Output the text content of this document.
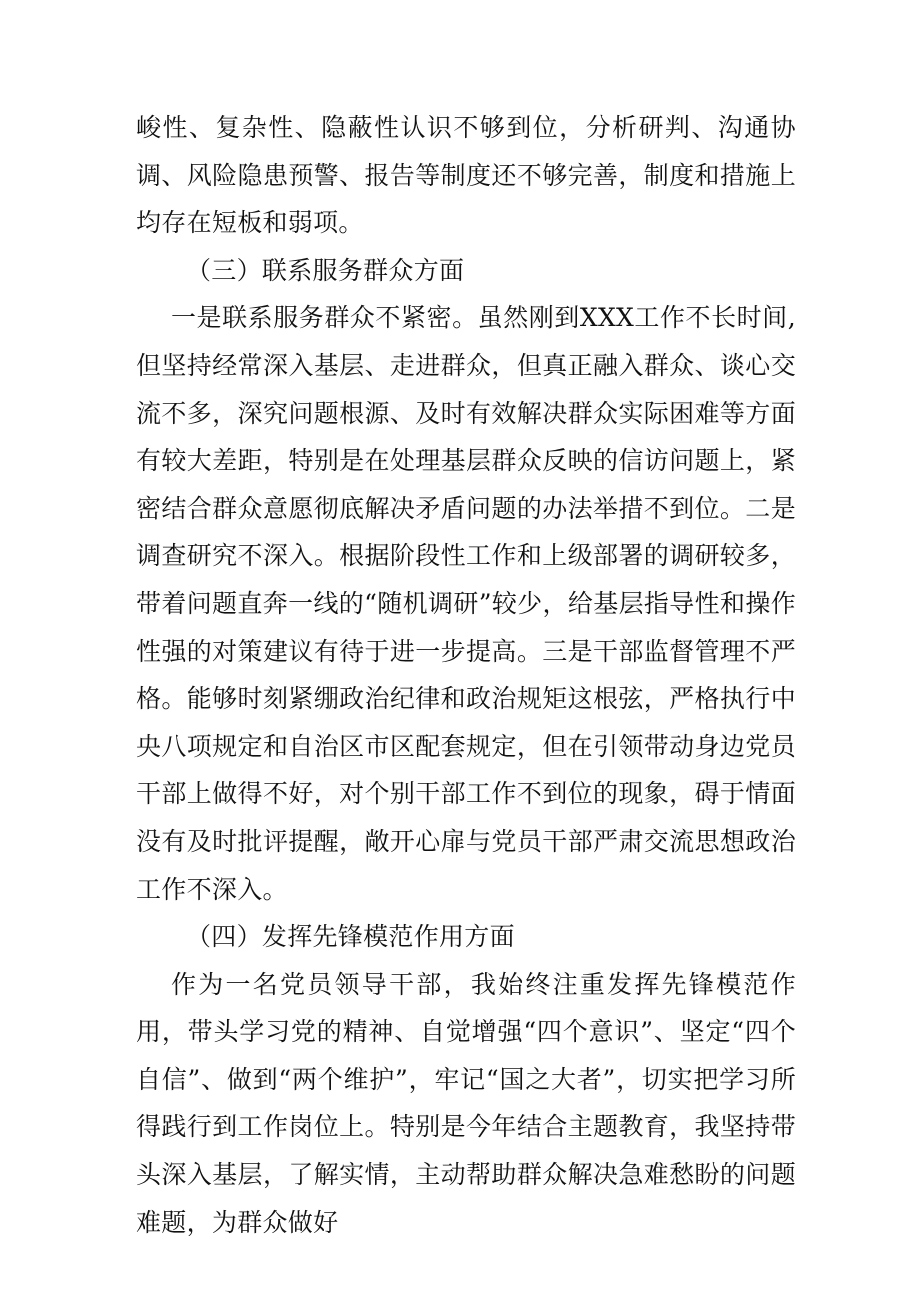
峻性、复杂性、隐蔽性认识不够到位，分析研判、沟通协调、风险隐患预警、报告等制度还不够完善，制度和措施上均存在短板和弱项。

（三）联系服务群众方面

一是联系服务群众不紧密。虽然刚到XXX工作不长时间,但坚持经常深入基层、走进群众，但真正融入群众、谈心交流不多，深究问题根源、及时有效解决群众实际困难等方面有较大差距，特别是在处理基层群众反映的信访问题上，紧密结合群众意愿彻底解决矛盾问题的办法举措不到位。二是调查研究不深入。根据阶段性工作和上级部署的调研较多，带着问题直奔一线的“随机调研”较少，给基层指导性和操作性强的对策建议有待于进一步提高。三是干部监督管理不严格。能够时刻紧绷政治纪律和政治规矩这根弦，严格执行中央八项规定和自治区市区配套规定，但在引领带动身边党员干部上做得不好，对个别干部工作不到位的现象，碍于情面没有及时批评提醒，敞开心扉与党员干部严肃交流思想政治工作不深入。

（四）发挥先锋模范作用方面

作为一名党员领导干部，我始终注重发挥先锋模范作用，带头学习党的精神、自觉增强“四个意识”、坚定“四个自信”、做到“两个维护”，牢记“国之大者”，切实把学习所得践行到工作岗位上。特别是今年结合主题教育，我坚持带头深入基层，了解实情，主动帮助群众解决急难愁盼的问题难题，为群众做好
